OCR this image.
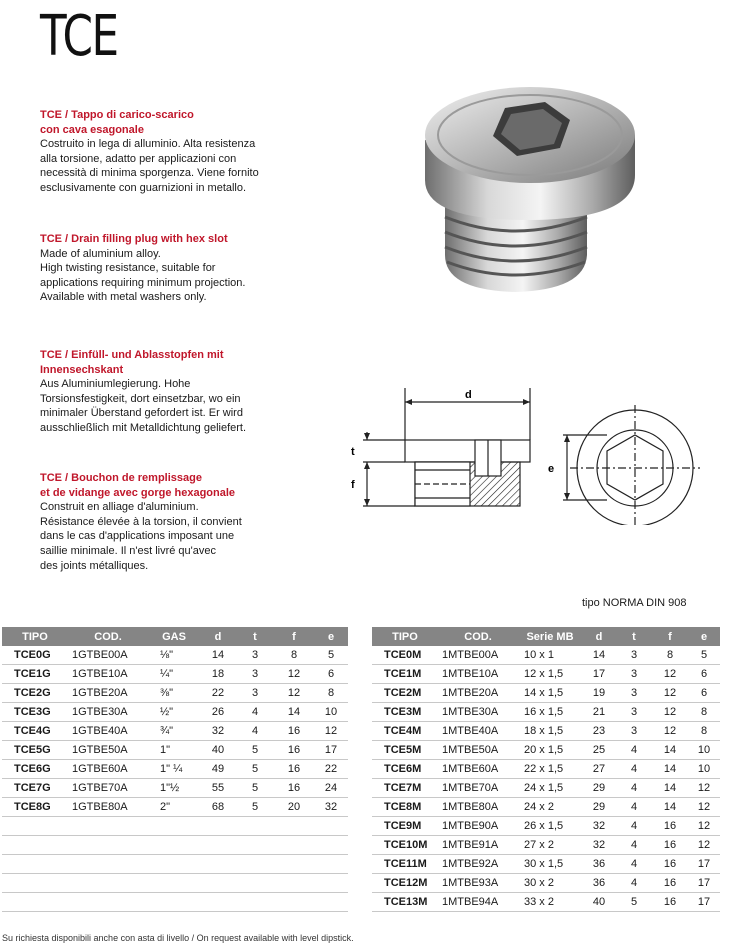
TCE
TCE / Tappo di carico-scarico
con cava esagonale
Costruito in lega di alluminio. Alta resistenza
alla torsione, adatto per applicazioni con
necessità di minima sporgenza. Viene fornito
esclusivamente con guarnizioni in metallo.
TCE / Drain filling plug with hex slot
Made of aluminium alloy.
High twisting resistance, suitable for
applications requiring minimum projection.
Available with metal washers only.
TCE / Einfüll- und Ablasstopfen mit
Innensechskant
Aus Aluminiumlegierung. Hohe
Torsionsfestigkeit, dort einsetzbar, wo ein
minimaler Überstand gefordert ist. Er wird
ausschließlich mit Metalldichtung geliefert.
TCE / Bouchon de remplissage
et de vidange avec gorge hexagonale
Construit en alliage d'aluminium.
Résistance élevée à la torsion, il convient
dans le cas d'applications imposant une
saillie minimale. Il n'est livré qu'avec
des joints métalliques.
d
t
f
e
tipo NORMA DIN 908
TIPO	COD.	GAS	d	t	f	e
TCE0G	1GTBE00A	⅛"	14	3	8	5
TCE1G	1GTBE10A	¼"	18	3	12	6
TCE2G	1GTBE20A	⅜"	22	3	12	8
TCE3G	1GTBE30A	½"	26	4	14	10
TCE4G	1GTBE40A	¾"	32	4	16	12
TCE5G	1GTBE50A	1"	40	5	16	17
TCE6G	1GTBE60A	1" ¼	49	5	16	22
TCE7G	1GTBE70A	1"½	55	5	16	24
TCE8G	1GTBE80A	2"	68	5	20	32

TIPO	COD.	Serie MB	d	t	f	e
TCE0M	1MTBE00A	10 x 1	14	3	8	5
TCE1M	1MTBE10A	12 x 1,5	17	3	12	6
TCE2M	1MTBE20A	14 x 1,5	19	3	12	6
TCE3M	1MTBE30A	16 x 1,5	21	3	12	8
TCE4M	1MTBE40A	18 x 1,5	23	3	12	8
TCE5M	1MTBE50A	20 x 1,5	25	4	14	10
TCE6M	1MTBE60A	22 x 1,5	27	4	14	10
TCE7M	1MTBE70A	24 x 1,5	29	4	14	12
TCE8M	1MTBE80A	24 x 2	29	4	14	12
TCE9M	1MTBE90A	26 x 1,5	32	4	16	12
TCE10M	1MTBE91A	27 x 2	32	4	16	12
TCE11M	1MTBE92A	30 x 1,5	36	4	16	17
TCE12M	1MTBE93A	30 x 2	36	4	16	17
TCE13M	1MTBE94A	33 x 2	40	5	16	17
Su richiesta disponibili anche con asta di livello / On request available with level dipstick.
